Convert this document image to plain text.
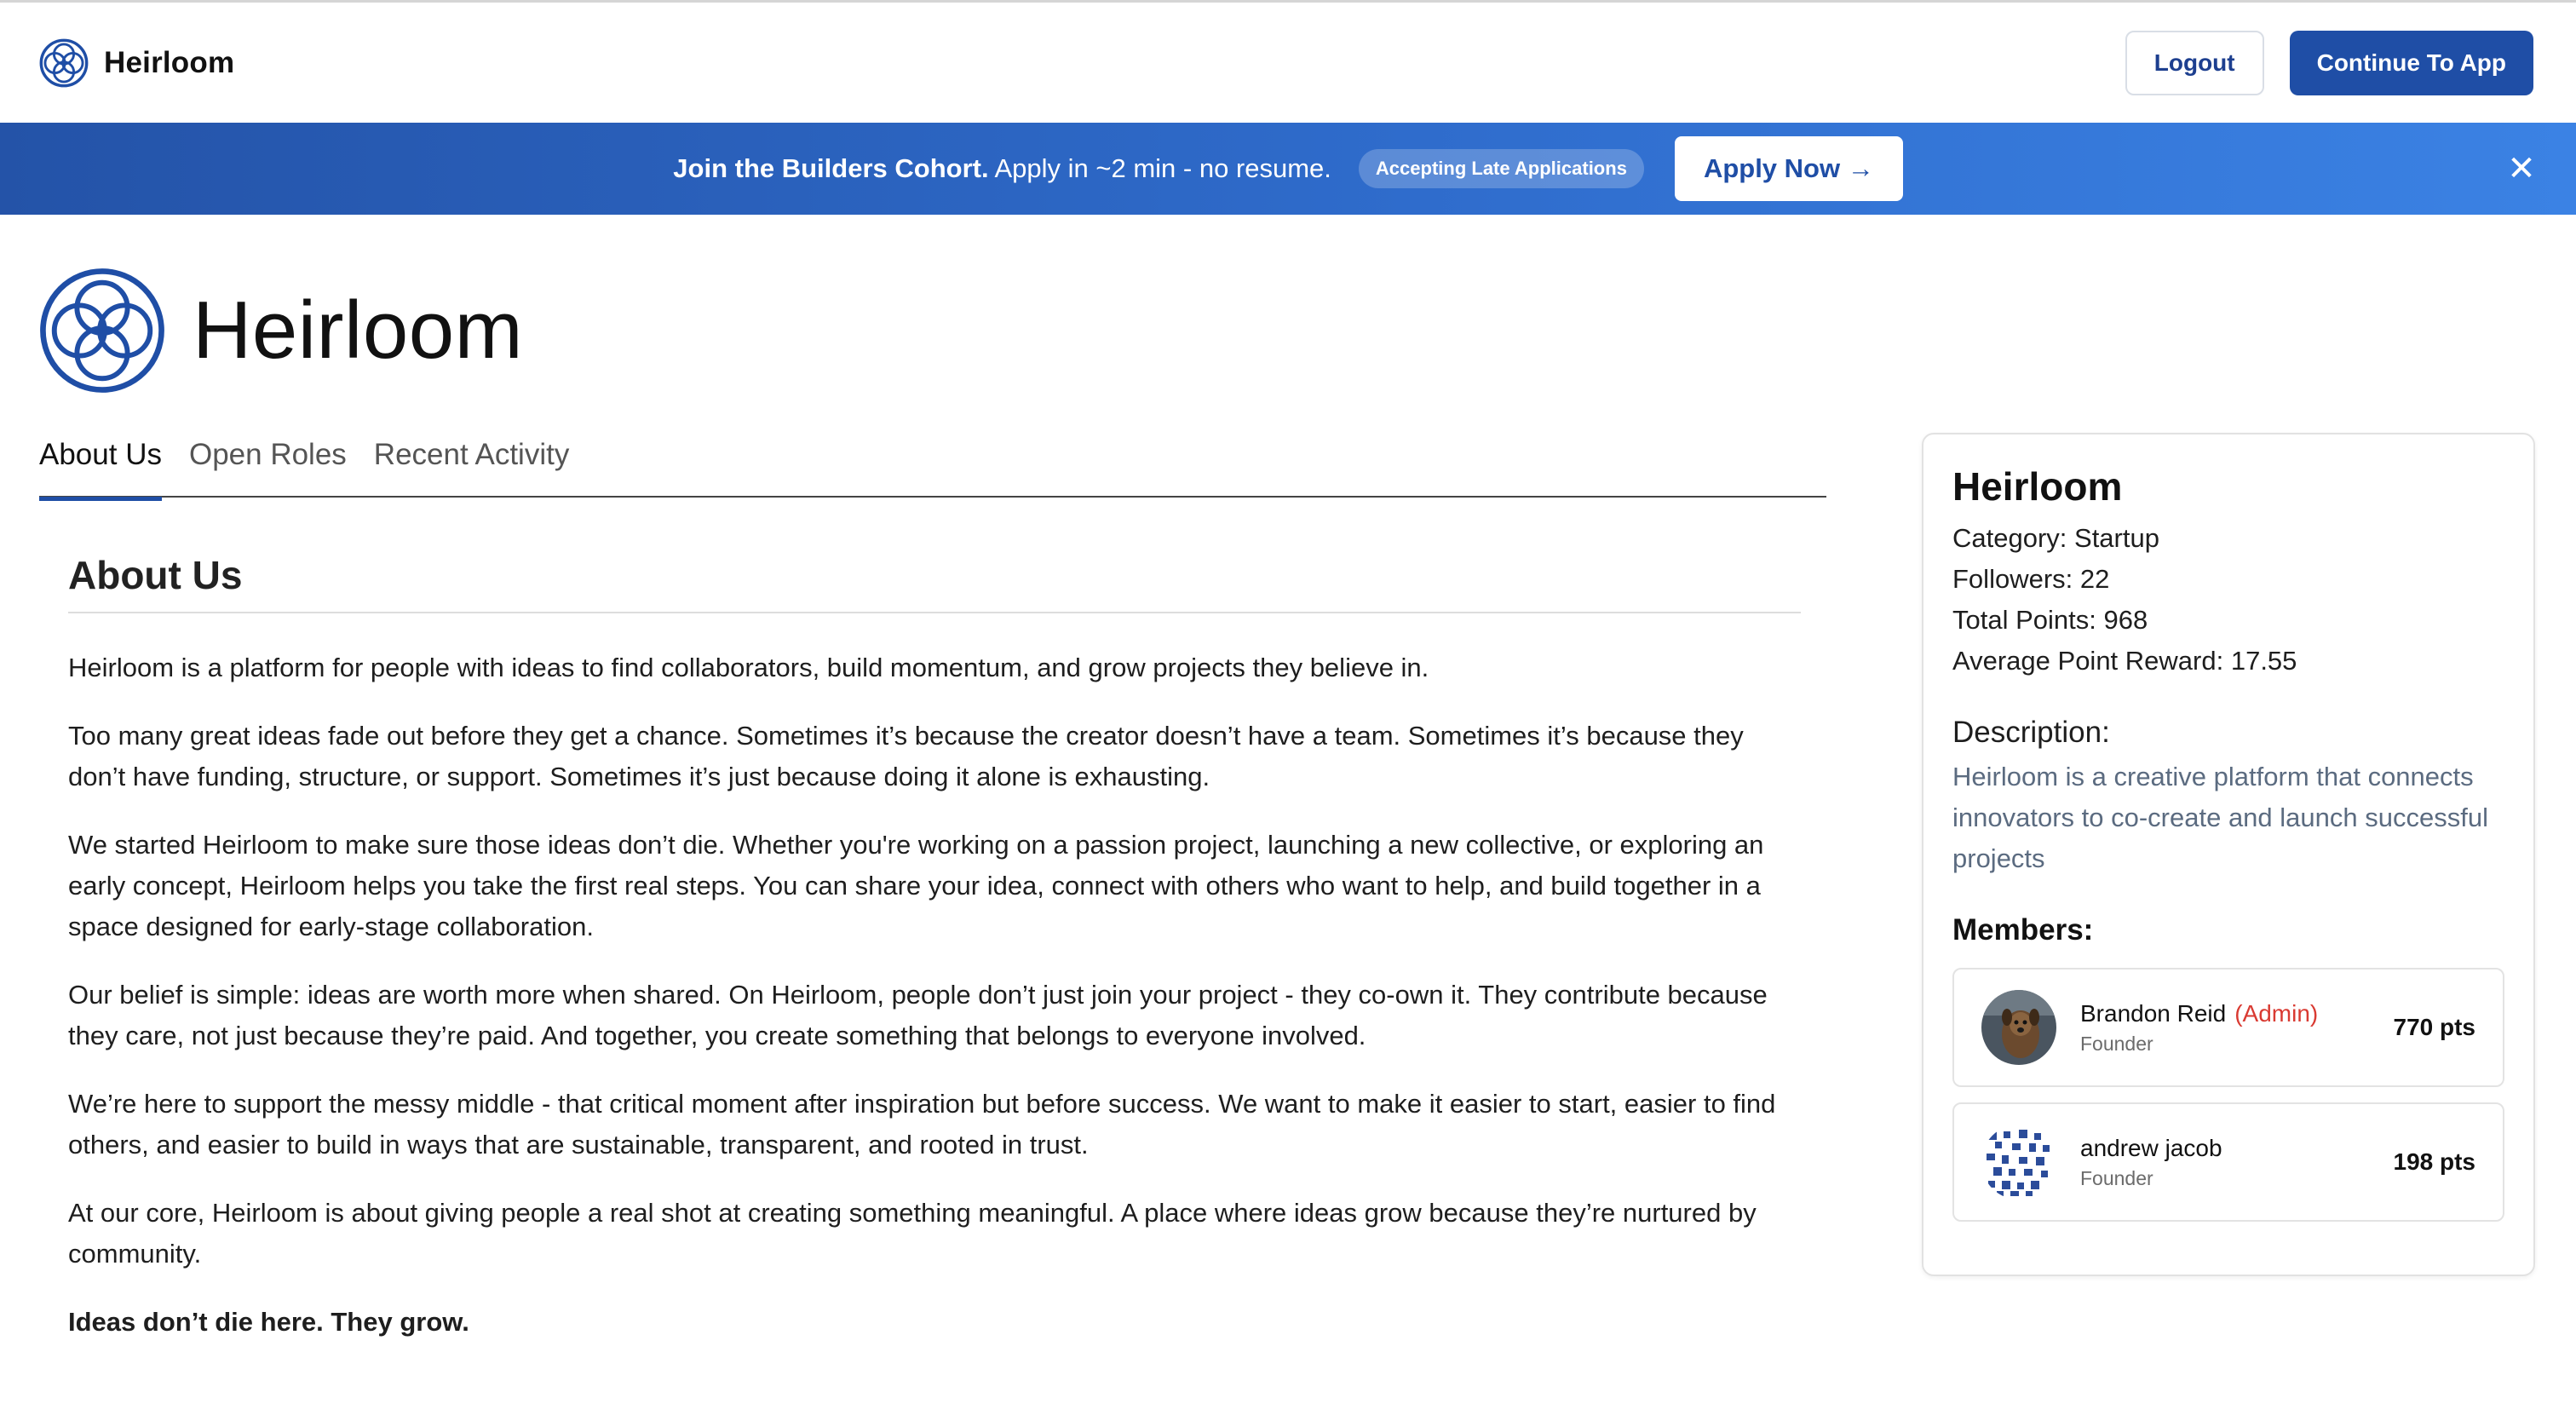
Heirloom	Logout	Continue To App
Join the Builders Cohort. Apply in ~2 min - no resume.	Accepting Late Applications	Apply Now →	✕
Heirloom
About Us Open Roles Recent Activity
About Us

Heirloom is a platform for people with ideas to find collaborators, build momentum, and grow projects they believe in.

Too many great ideas fade out before they get a chance. Sometimes it’s because the creator doesn’t have a team. Sometimes it’s because they don’t have funding, structure, or support. Sometimes it’s just because doing it alone is exhausting.

We started Heirloom to make sure those ideas don’t die. Whether you're working on a passion project, launching a new collective, or exploring an early concept, Heirloom helps you take the first real steps. You can share your idea, connect with others who want to help, and build together in a space designed for early-stage collaboration.

Our belief is simple: ideas are worth more when shared. On Heirloom, people don’t just join your project - they co-own it. They contribute because they care, not just because they’re paid. And together, you create something that belongs to everyone involved.

We’re here to support the messy middle - that critical moment after inspiration but before success. We want to make it easier to start, easier to find others, and easier to build in ways that are sustainable, transparent, and rooted in trust.

At our core, Heirloom is about giving people a real shot at creating something meaningful. A place where ideas grow because they’re nurtured by community.

Ideas don’t die here. They grow.

Heirloom
Category: Startup
Followers: 22
Total Points: 968
Average Point Reward: 17.55
Description:
Heirloom is a creative platform that connects innovators to co-create and launch successful projects
Members:
Brandon Reid (Admin)
Founder
770 pts
andrew jacob
Founder
198 pts
